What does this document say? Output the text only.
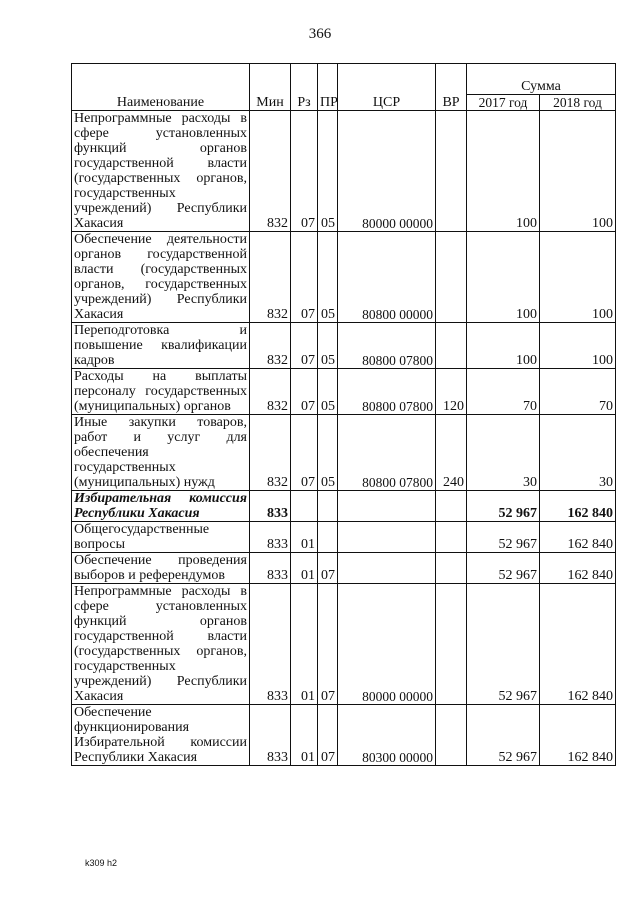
366
Наименование	Мин	Рз	ПР	ЦСР	ВР	Сумма	
						2017 год	2018 год
Непрограммные расходы в сфере установленных функций органов государственной власти (государственных органов, государственных учреждений) Республики Хакасия	832	07	05	80000 00000		100	100
Обеспечение деятельности органов государственной власти (государственных органов, государственных учреждений) Республики Хакасия	832	07	05	80800 00000		100	100
Переподготовка и повышение квалификации кадров	832	07	05	80800 07800		100	100
Расходы на выплаты персоналу государственных (муниципальных) органов	832	07	05	80800 07800	120	70	70
Иные закупки товаров, работ и услуг для обеспечения государственных (муниципальных) нужд	832	07	05	80800 07800	240	30	30
Избирательная комиссия Республики Хакасия	833					52 967	162 840
Общегосударственные вопросы	833	01				52 967	162 840
Обеспечение проведения выборов и референдумов	833	01	07			52 967	162 840
Непрограммные расходы в сфере установленных функций органов государственной власти (государственных органов, государственных учреждений) Республики Хакасия	833	01	07	80000 00000		52 967	162 840
Обеспечение функционирования Избирательной комиссии Республики Хакасия	833	01	07	80300 00000		52 967	162 840
k309 h2
